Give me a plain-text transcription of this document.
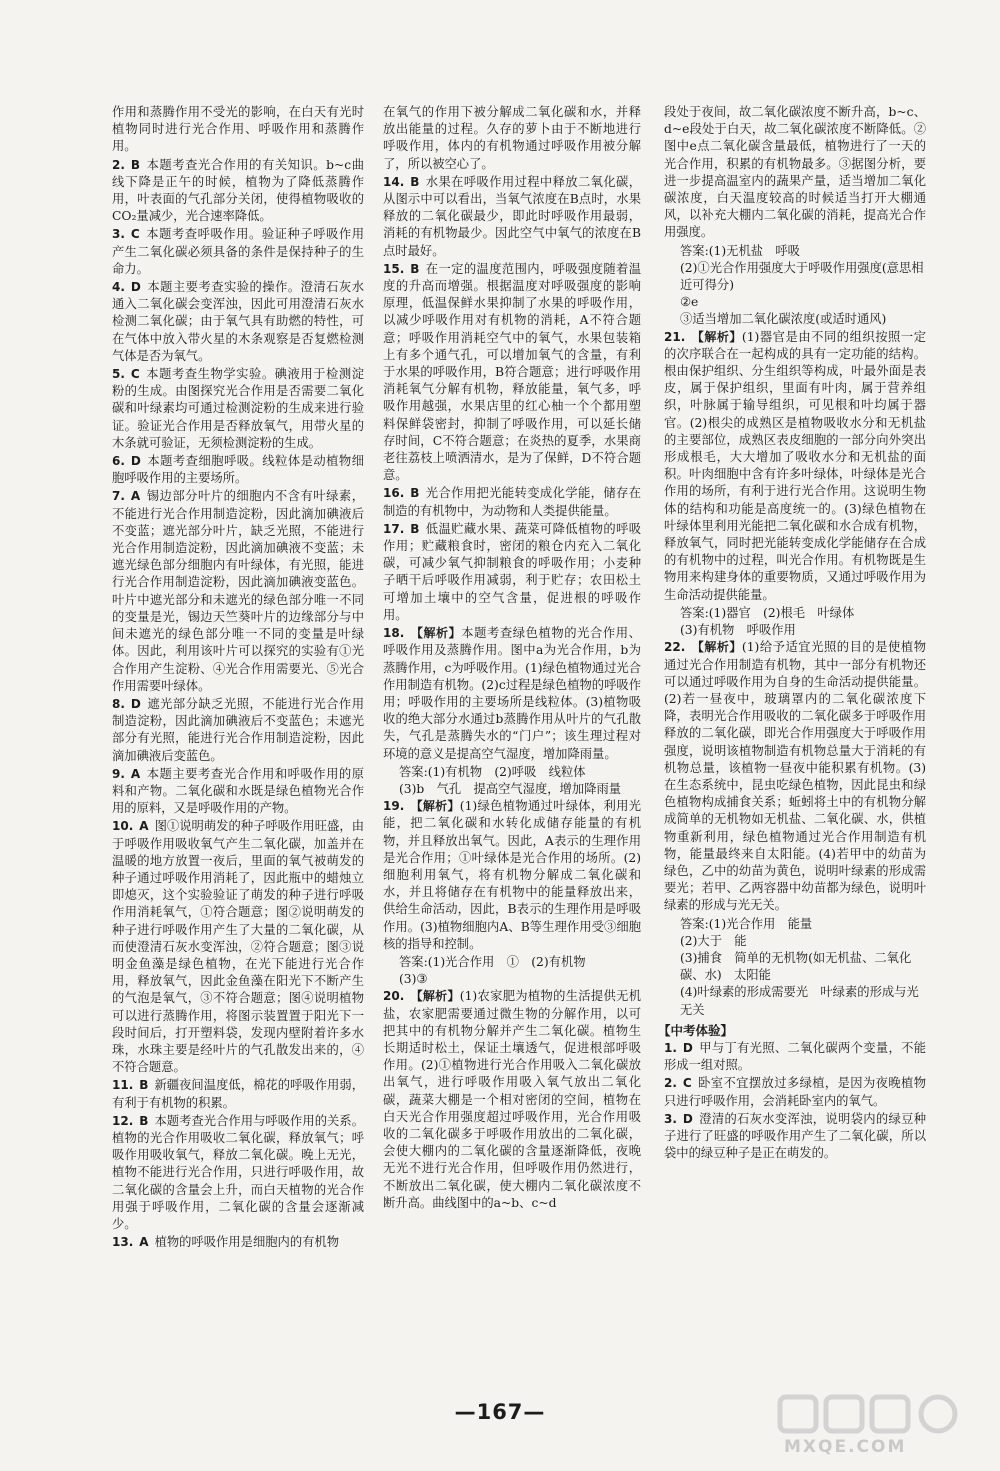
作用和蒸腾作用不受光的影响，在白天有光时植物同时进行光合作用、呼吸作用和蒸腾作用。
2. B 本题考查光合作用的有关知识。b~c曲线下降是正午的时候，植物为了降低蒸腾作用，叶表面的气孔部分关闭，使得植物吸收的CO₂量减少，光合速率降低。
3. C 本题考查呼吸作用。验证种子呼吸作用产生二氧化碳必须具备的条件是保持种子的生命力。
4. D 本题主要考查实验的操作。澄清石灰水通入二氧化碳会变浑浊，因此可用澄清石灰水检测二氧化碳；由于氧气具有助燃的特性，可在气体中放入带火星的木条观察是否复燃检测气体是否为氧气。
5. C 本题考查生物学实验。碘液用于检测淀粉的生成。由图探究光合作用是否需要二氧化碳和叶绿素均可通过检测淀粉的生成来进行验证。验证光合作用是否释放氧气，用带火星的木条就可验证，无须检测淀粉的生成。
6. D 本题考查细胞呼吸。线粒体是动植物细胞呼吸作用的主要场所。
7. A 锡边部分叶片的细胞内不含有叶绿素，不能进行光合作用制造淀粉，因此滴加碘液后不变蓝；遮光部分叶片，缺乏光照，不能进行光合作用制造淀粉，因此滴加碘液不变蓝；未遮光绿色部分细胞内有叶绿体，有光照，能进行光合作用制造淀粉，因此滴加碘液变蓝色。叶片中遮光部分和未遮光的绿色部分唯一不同的变量是光，锡边天竺葵叶片的边缘部分与中间未遮光的绿色部分唯一不同的变量是叶绿体。因此，利用该叶片可以探究的实验有①光合作用产生淀粉、④光合作用需要光、⑤光合作用需要叶绿体。
8. D 遮光部分缺乏光照，不能进行光合作用制造淀粉，因此滴加碘液后不变蓝色；未遮光部分有光照，能进行光合作用制造淀粉，因此滴加碘液后变蓝色。
9. A 本题主要考查光合作用和呼吸作用的原料和产物。二氧化碳和水既是绿色植物光合作用的原料，又是呼吸作用的产物。
10. A 图①说明萌发的种子呼吸作用旺盛，由于呼吸作用吸收氧气产生二氧化碳，加盖并在温暖的地方放置一夜后，里面的氧气被萌发的种子通过呼吸作用消耗了，因此瓶中的蜡烛立即熄灭，这个实验验证了萌发的种子进行呼吸作用消耗氧气，①符合题意；图②说明萌发的种子进行呼吸作用产生了大量的二氧化碳，从而使澄清石灰水变浑浊，②符合题意；图③说明金鱼藻是绿色植物，在光下能进行光合作用，释放氧气，因此金鱼藻在阳光下不断产生的气泡是氧气，③不符合题意；图④说明植物可以进行蒸腾作用，将图示装置置于阳光下一段时间后，打开塑料袋，发现内壁附着许多水珠，水珠主要是经叶片的气孔散发出来的，④不符合题意。
11. B 新疆夜间温度低，棉花的呼吸作用弱，有利于有机物的积累。
12. B 本题考查光合作用与呼吸作用的关系。植物的光合作用吸收二氧化碳，释放氧气；呼吸作用吸收氧气，释放二氧化碳。晚上无光，植物不能进行光合作用，只进行呼吸作用，故二氧化碳的含量会上升，而白天植物的光合作用强于呼吸作用，二氧化碳的含量会逐渐减少。
13. A 植物的呼吸作用是细胞内的有机物
在氧气的作用下被分解成二氧化碳和水，并释放出能量的过程。久存的萝卜由于不断地进行呼吸作用，体内的有机物通过呼吸作用被分解了，所以被空心了。
14. B 水果在呼吸作用过程中释放二氧化碳，从图示中可以看出，当氧气浓度在B点时，水果释放的二氧化碳最少，即此时呼吸作用最弱，消耗的有机物最少。因此空气中氧气的浓度在B点时最好。
15. B 在一定的温度范围内，呼吸强度随着温度的升高而增强。根据温度对呼吸强度的影响原理，低温保鲜水果抑制了水果的呼吸作用，以减少呼吸作用对有机物的消耗，A不符合题意；呼吸作用消耗空气中的氧气，水果包装箱上有多个通气孔，可以增加氧气的含量，有利于水果的呼吸作用，B符合题意；进行呼吸作用消耗氧气分解有机物，释放能量，氧气多，呼吸作用越强，水果店里的红心柚一个个都用塑料保鲜袋密封，抑制了呼吸作用，可以延长储存时间，C不符合题意；在炎热的夏季，水果商老往荔枝上喷洒清水，是为了保鲜，D不符合题意。
16. B 光合作用把光能转变成化学能，储存在制造的有机物中，为动物和人类提供能量。
17. B 低温贮藏水果、蔬菜可降低植物的呼吸作用；贮藏粮食时，密闭的粮仓内充入二氧化碳，可减少氧气抑制粮食的呼吸作用；小麦种子晒干后呼吸作用减弱，利于贮存；农田松土可增加土壤中的空气含量，促进根的呼吸作用。
18. 【解析】本题考查绿色植物的光合作用、呼吸作用及蒸腾作用。图中a为光合作用，b为蒸腾作用，c为呼吸作用。(1)绿色植物通过光合作用制造有机物。(2)c过程是绿色植物的呼吸作用；呼吸作用的主要场所是线粒体。(3)植物吸收的绝大部分水通过b蒸腾作用从叶片的气孔散失，气孔是蒸腾失水的“门户”；该生理过程对环境的意义是提高空气湿度，增加降雨量。
答案:(1)有机物　(2)呼吸　线粒体
(3)b　气孔　提高空气湿度，增加降雨量
19. 【解析】(1)绿色植物通过叶绿体，利用光能，把二氧化碳和水转化成储存能量的有机物，并且释放出氧气。因此，A表示的生理作用是光合作用；①叶绿体是光合作用的场所。(2)细胞利用氧气，将有机物分解成二氧化碳和水，并且将储存在有机物中的能量释放出来，供给生命活动，因此，B表示的生理作用是呼吸作用。(3)植物细胞内A、B等生理作用受③细胞核的指导和控制。
答案:(1)光合作用　①　(2)有机物
(3)③
20. 【解析】(1)农家肥为植物的生活提供无机盐，农家肥需要通过微生物的分解作用，以可把其中的有机物分解并产生二氧化碳。植物生长期适时松土，保证土壤透气，促进根部呼吸作用。(2)①植物进行光合作用吸入二氧化碳放出氧气，进行呼吸作用吸入氧气放出二氧化碳，蔬菜大棚是一个相对密闭的空间，植物在白天光合作用强度超过呼吸作用，光合作用吸收的二氧化碳多于呼吸作用放出的二氧化碳，会使大棚内的二氧化碳的含量逐渐降低，夜晚无光不进行光合作用，但呼吸作用仍然进行，不断放出二氧化碳，使大棚内二氧化碳浓度不断升高。曲线图中的a~b、c~d
段处于夜间，故二氧化碳浓度不断升高，b~c、d~e段处于白天，故二氧化碳浓度不断降低。②图中e点二氧化碳含量最低，植物进行了一天的光合作用，积累的有机物最多。③据图分析，要进一步提高温室内的蔬果产量，适当增加二氧化碳浓度，白天温度较高的时候适当打开大棚通风，以补充大棚内二氧化碳的消耗，提高光合作用强度。
答案:(1)无机盐　呼吸
(2)①光合作用强度大于呼吸作用强度(意思相近可得分)
②e
③适当增加二氧化碳浓度(或适时通风)
21. 【解析】(1)器官是由不同的组织按照一定的次序联合在一起构成的具有一定功能的结构。根由保护组织、分生组织等构成，叶最外面是表皮，属于保护组织，里面有叶肉，属于营养组织，叶脉属于输导组织，可见根和叶均属于器官。(2)根尖的成熟区是植物吸收水分和无机盐的主要部位，成熟区表皮细胞的一部分向外突出形成根毛，大大增加了吸收水分和无机盐的面积。叶肉细胞中含有许多叶绿体，叶绿体是光合作用的场所，有利于进行光合作用。这说明生物体的结构和功能是高度统一的。(3)绿色植物在叶绿体里利用光能把二氧化碳和水合成有机物，释放氧气，同时把光能转变成化学能储存在合成的有机物中的过程，叫光合作用。有机物既是生物用来构建身体的重要物质，又通过呼吸作用为生命活动提供能量。
答案:(1)器官　(2)根毛　叶绿体
(3)有机物　呼吸作用
22. 【解析】(1)给予适宜光照的目的是使植物通过光合作用制造有机物，其中一部分有机物还可以通过呼吸作用为自身的生命活动提供能量。(2)若一昼夜中，玻璃罩内的二氧化碳浓度下降，表明光合作用吸收的二氧化碳多于呼吸作用释放的二氧化碳，即光合作用强度大于呼吸作用强度，说明该植物制造有机物总量大于消耗的有机物总量，该植物一昼夜中能积累有机物。(3)在生态系统中，昆虫吃绿色植物，因此昆虫和绿色植物构成捕食关系；蚯蚓将土中的有机物分解成简单的无机物如无机盐、二氧化碳、水，供植物重新利用，绿色植物通过光合作用制造有机物，能量最终来自太阳能。(4)若甲中的幼苗为绿色，乙中的幼苗为黄色，说明叶绿素的形成需要光；若甲、乙两容器中幼苗都为绿色，说明叶绿素的形成与光无关。
答案:(1)光合作用　能量
(2)大于　能
(3)捕食　简单的无机物(如无机盐、二氧化碳、水)　太阳能
(4)叶绿素的形成需要光　叶绿素的形成与光无关
【中考体验】
1. D 甲与丁有光照、二氧化碳两个变量，不能形成一组对照。
2. C 卧室不宜摆放过多绿植，是因为夜晚植物只进行呼吸作用，会消耗卧室内的氧气。
3. D 澄清的石灰水变浑浊，说明袋内的绿豆种子进行了旺盛的呼吸作用产生了二氧化碳，所以袋中的绿豆种子是正在萌发的。
—167—
MXQE.COM
